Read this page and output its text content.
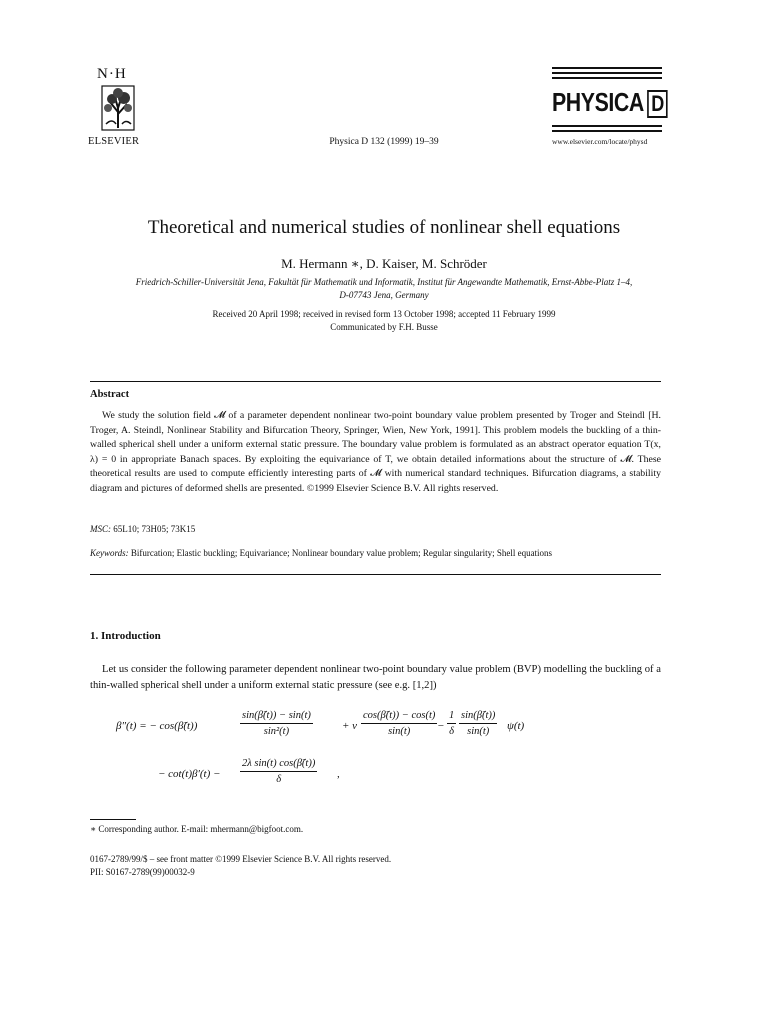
N·H
ELSEVIER	Physica D 132 (1999) 19–39
PHYSICA D
www.elsevier.com/locate/physd
Theoretical and numerical studies of nonlinear shell equations
M. Hermann ∗, D. Kaiser, M. Schröder
Friedrich-Schiller-Universität Jena, Fakultät für Mathematik und Informatik, Institut für Angewandte Mathematik, Ernst-Abbe-Platz 1–4,
D-07743 Jena, Germany
Received 20 April 1998; received in revised form 13 October 1998; accepted 11 February 1999
Communicated by F.H. Busse
Abstract
We study the solution field 𝓜 of a parameter dependent nonlinear two-point boundary value problem presented by Troger and Steindl [H. Troger, A. Steindl, Nonlinear Stability and Bifurcation Theory, Springer, Wien, New York, 1991]. This problem models the buckling of a thin-walled spherical shell under a uniform external static pressure. The boundary value problem is formulated as an abstract operator equation T(x, λ) = 0 in appropriate Banach spaces. By exploiting the equivariance of T, we obtain detailed informations about the structure of 𝓜. These theoretical results are used to compute efficiently interesting parts of 𝓜 with numerical standard techniques. Bifurcation diagrams, a stability diagram and pictures of deformed shells are presented. ©1999 Elsevier Science B.V. All rights reserved.
MSC: 65L10; 73H05; 73K15
Keywords: Bifurcation; Elastic buckling; Equivariance; Nonlinear boundary value problem; Regular singularity; Shell equations
1. Introduction
Let us consider the following parameter dependent nonlinear two-point boundary value problem (BVP) modelling the buckling of a thin-walled spherical shell under a uniform external static pressure (see e.g. [1,2])
β″(t) = − cos(β̃(t))	$\frac{\sin(\betã(t)) - \sin(t)}{\text{sin²(t)}}$	+ ν $\frac{\cos(\betã(t)) - \cos(t)}{\sin(t)} - \frac{1}{\delta} \frac{\sin(\betã(t))}{\sin(t)} \psi(t)$
− $\cot(t)\beta'(t) - \frac{\text{2λ sin(t) cos(β̃(t))}}{\delta}$ ,
∗ Corresponding author. E-mail: mhermann@bigfoot.com.
0167-2789/99/$ – see front matter ©1999 Elsevier Science B.V. All rights reserved.
PII: S0167-2789(99)00032-9
